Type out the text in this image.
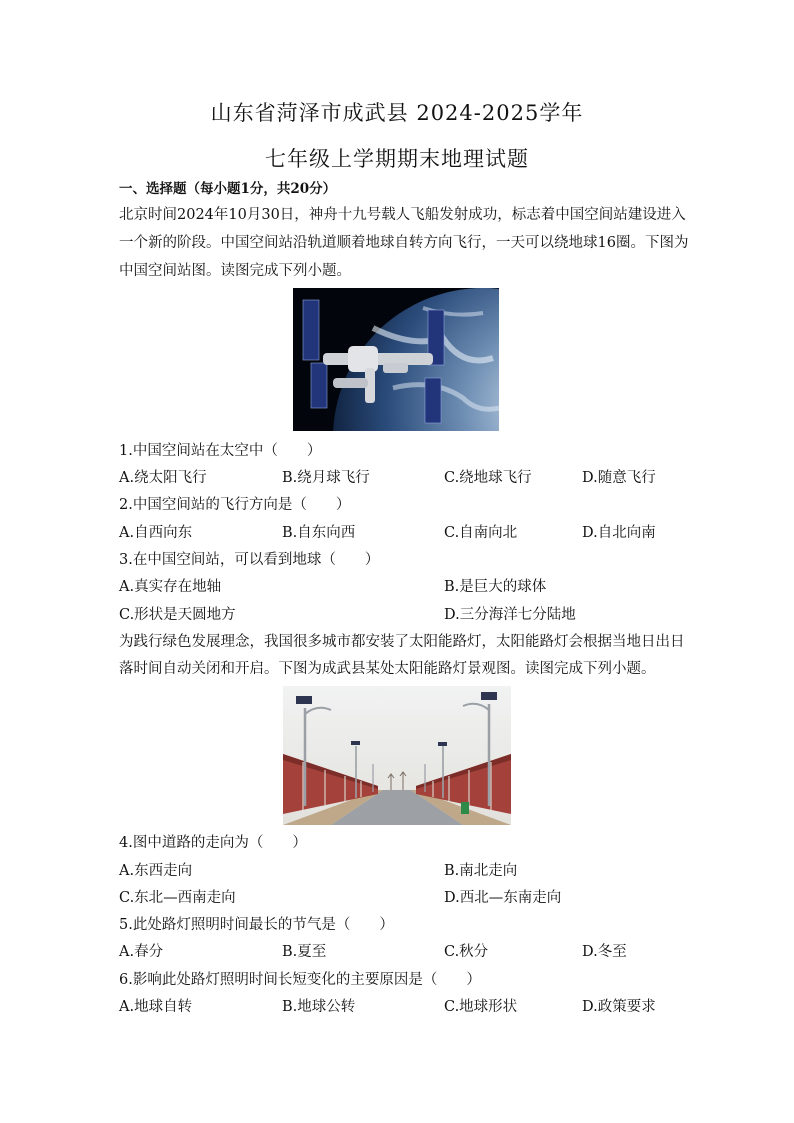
山东省菏泽市成武县 2024-2025学年
七年级上学期期末地理试题
一、选择题（每小题1分，共20分）
北京时间2024年10月30日，神舟十九号载人飞船发射成功，标志着中国空间站建设进入
一个新的阶段。中国空间站沿轨道顺着地球自转方向飞行，一天可以绕地球16圈。下图为
中国空间站图。读图完成下列小题。
1.中国空间站在太空中（　　）
A.绕太阳飞行	B.绕月球飞行	C.绕地球飞行	D.随意飞行
2.中国空间站的飞行方向是（　　）
A.自西向东	B.自东向西	C.自南向北	D.自北向南
3.在中国空间站，可以看到地球（　　）
A.真实存在地轴	B.是巨大的球体
C.形状是天圆地方	D.三分海洋七分陆地
为践行绿色发展理念，我国很多城市都安装了太阳能路灯，太阳能路灯会根据当地日出日
落时间自动关闭和开启。下图为成武县某处太阳能路灯景观图。读图完成下列小题。
4.图中道路的走向为（　　）
A.东西走向	B.南北走向
C.东北—西南走向	D.西北—东南走向
5.此处路灯照明时间最长的节气是（　　）
A.春分	B.夏至	C.秋分	D.冬至
6.影响此处路灯照明时间长短变化的主要原因是（　　）
A.地球自转	B.地球公转	C.地球形状	D.政策要求
